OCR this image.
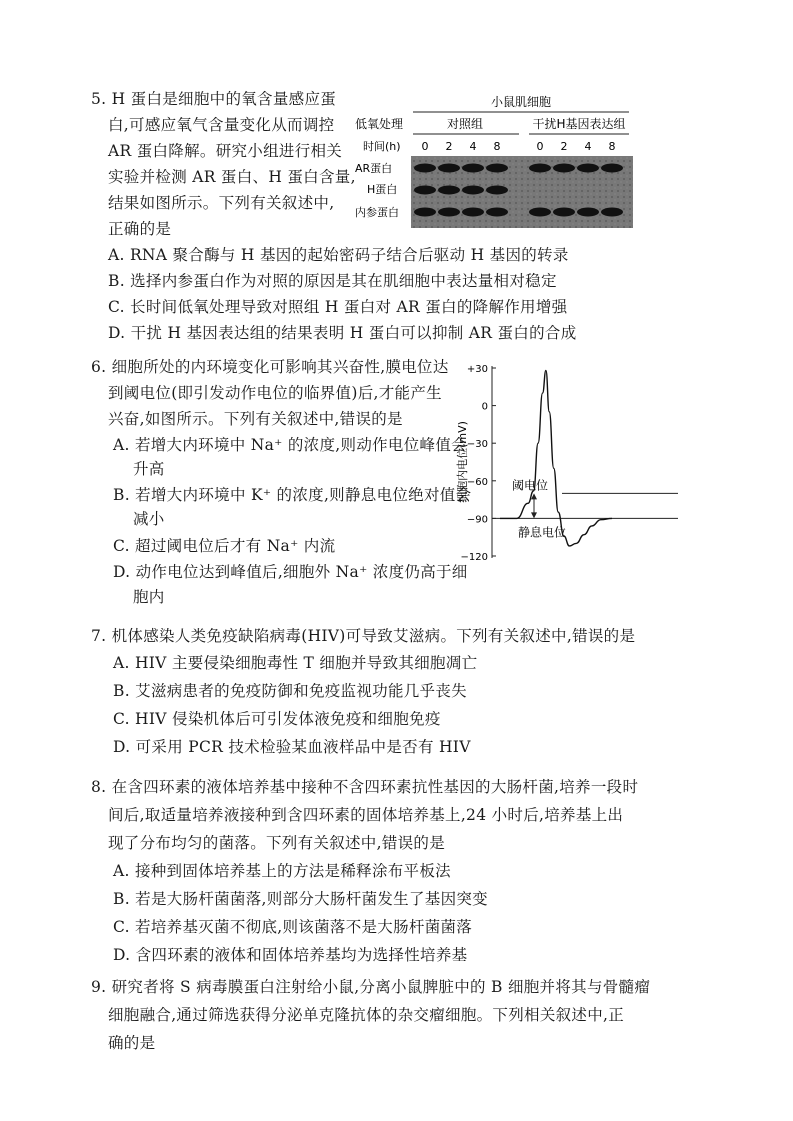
5. H 蛋白是细胞中的氧含量感应蛋
白,可感应氧气含量变化从而调控
AR 蛋白降解。研究小组进行相关
实验并检测 AR 蛋白、H 蛋白含量,
结果如图所示。下列有关叙述中,
正确的是
小鼠肌细胞
低氧处理	对照组	干扰H基因表达组
时间(h) 0 2 4 8	0 2 4 8
AR蛋白
H蛋白
内参蛋白
A. RNA 聚合酶与 H 基因的起始密码子结合后驱动 H 基因的转录
B. 选择内参蛋白作为对照的原因是其在肌细胞中表达量相对稳定
C. 长时间低氧处理导致对照组 H 蛋白对 AR 蛋白的降解作用增强
D. 干扰 H 基因表达组的结果表明 H 蛋白可以抑制 AR 蛋白的合成
6. 细胞所处的内环境变化可影响其兴奋性,膜电位达
到阈电位(即引发动作电位的临界值)后,才能产生
兴奋,如图所示。下列有关叙述中,错误的是
A. 若增大内环境中 Na⁺ 的浓度,则动作电位峰值会
升高
B. 若增大内环境中 K⁺ 的浓度,则静息电位绝对值会
减小
C. 超过阈电位后才有 Na⁺ 内流
D. 动作电位达到峰值后,细胞外 Na⁺ 浓度仍高于细
胞内
+30
0
−30
−60
−90
−120
细胞内电位(mV)	阈电位
静息电位
7. 机体感染人类免疫缺陷病毒(HIV)可导致艾滋病。下列有关叙述中,错误的是
A. HIV 主要侵染细胞毒性 T 细胞并导致其细胞凋亡
B. 艾滋病患者的免疫防御和免疫监视功能几乎丧失
C. HIV 侵染机体后可引发体液免疫和细胞免疫
D. 可采用 PCR 技术检验某血液样品中是否有 HIV
8. 在含四环素的液体培养基中接种不含四环素抗性基因的大肠杆菌,培养一段时
间后,取适量培养液接种到含四环素的固体培养基上,24 小时后,培养基上出
现了分布均匀的菌落。下列有关叙述中,错误的是
A. 接种到固体培养基上的方法是稀释涂布平板法
B. 若是大肠杆菌菌落,则部分大肠杆菌发生了基因突变
C. 若培养基灭菌不彻底,则该菌落不是大肠杆菌菌落
D. 含四环素的液体和固体培养基均为选择性培养基
9. 研究者将 S 病毒膜蛋白注射给小鼠,分离小鼠脾脏中的 B 细胞并将其与骨髓瘤
细胞融合,通过筛选获得分泌单克隆抗体的杂交瘤细胞。下列相关叙述中,正
确的是
